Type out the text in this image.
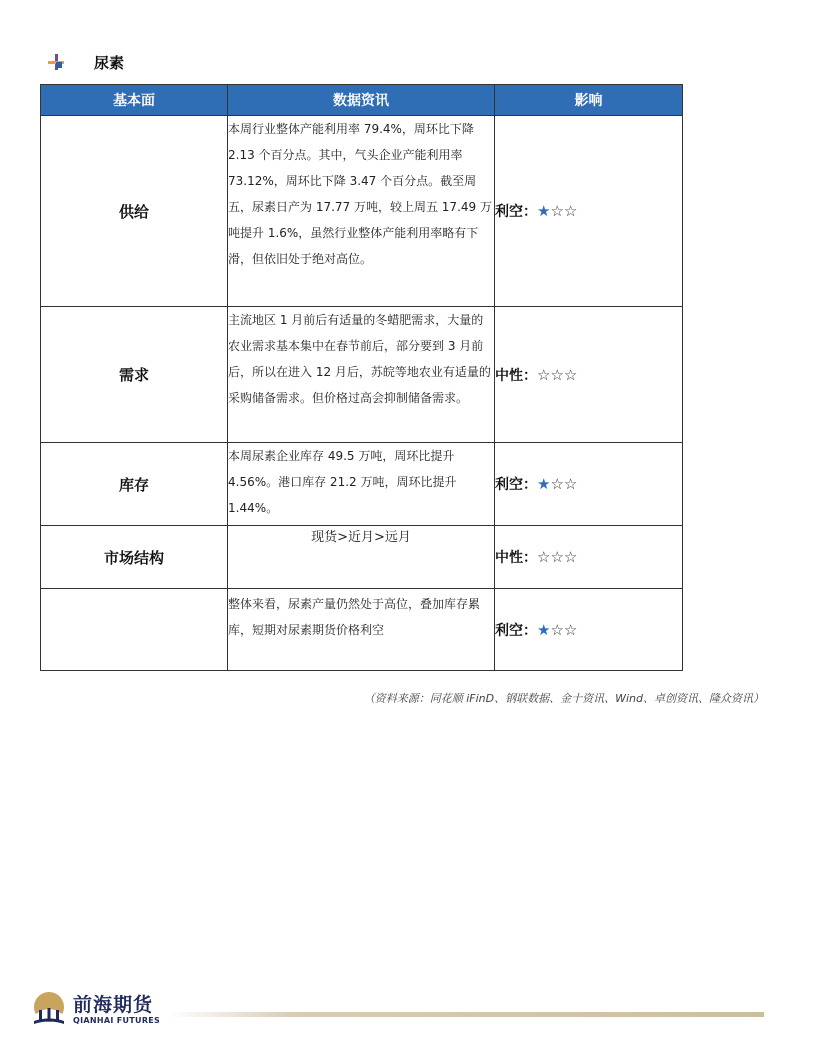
尿素
基本面	数据资讯	影响
供给	本周行业整体产能利用率 79.4%，周环比下降 2.13 个百分点。其中，气头企业产能利用率 73.12%，周环比下降 3.47 个百分点。截至周五，尿素日产为 17.77 万吨，较上周五 17.49 万吨提升 1.6%，虽然行业整体产能利用率略有下滑，但依旧处于绝对高位。	利空：★☆☆
需求	主流地区 1 月前后有适量的冬蜡肥需求，大量的农业需求基本集中在春节前后，部分要到 3 月前后，所以在进入 12 月后，苏皖等地农业有适量的采购储备需求。但价格过高会抑制储备需求。	中性：☆☆☆
库存	本周尿素企业库存 49.5 万吨，周环比提升 4.56%。港口库存 21.2 万吨，周环比提升 1.44%。	利空：★☆☆
市场结构	现货>近月>远月	中性：☆☆☆
	整体来看，尿素产量仍然处于高位，叠加库存累库，短期对尿素期货价格利空	利空：★☆☆
（资料来源：同花顺 iFinD、钢联数据、金十资讯、Wind、卓创资讯、隆众资讯）
前海期货
QIANHAI FUTURES
